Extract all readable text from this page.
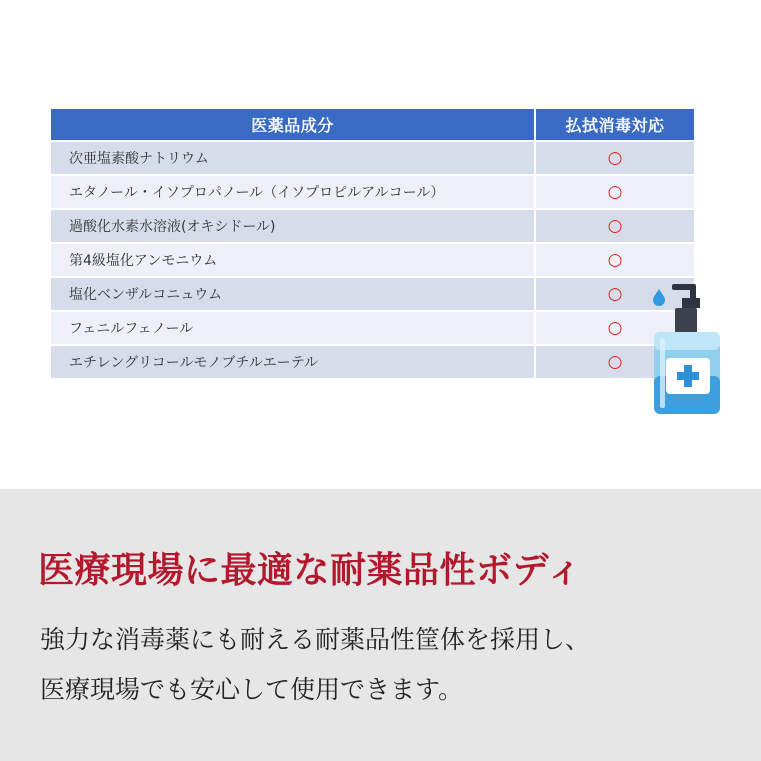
医薬品成分	払拭消毒対応
次亜塩素酸ナトリウム	○
エタノール・イソプロパノール（イソプロピルアルコール）	○
過酸化水素水溶液(オキシドール)	○
第4級塩化アンモニウム	○
塩化ベンザルコニュウム	○
フェニルフェノール	○
エチレングリコールモノブチルエーテル	○
医療現場に最適な耐薬品性ボディ
強力な消毒薬にも耐える耐薬品性筐体を採用し、
医療現場でも安心して使用できます。
